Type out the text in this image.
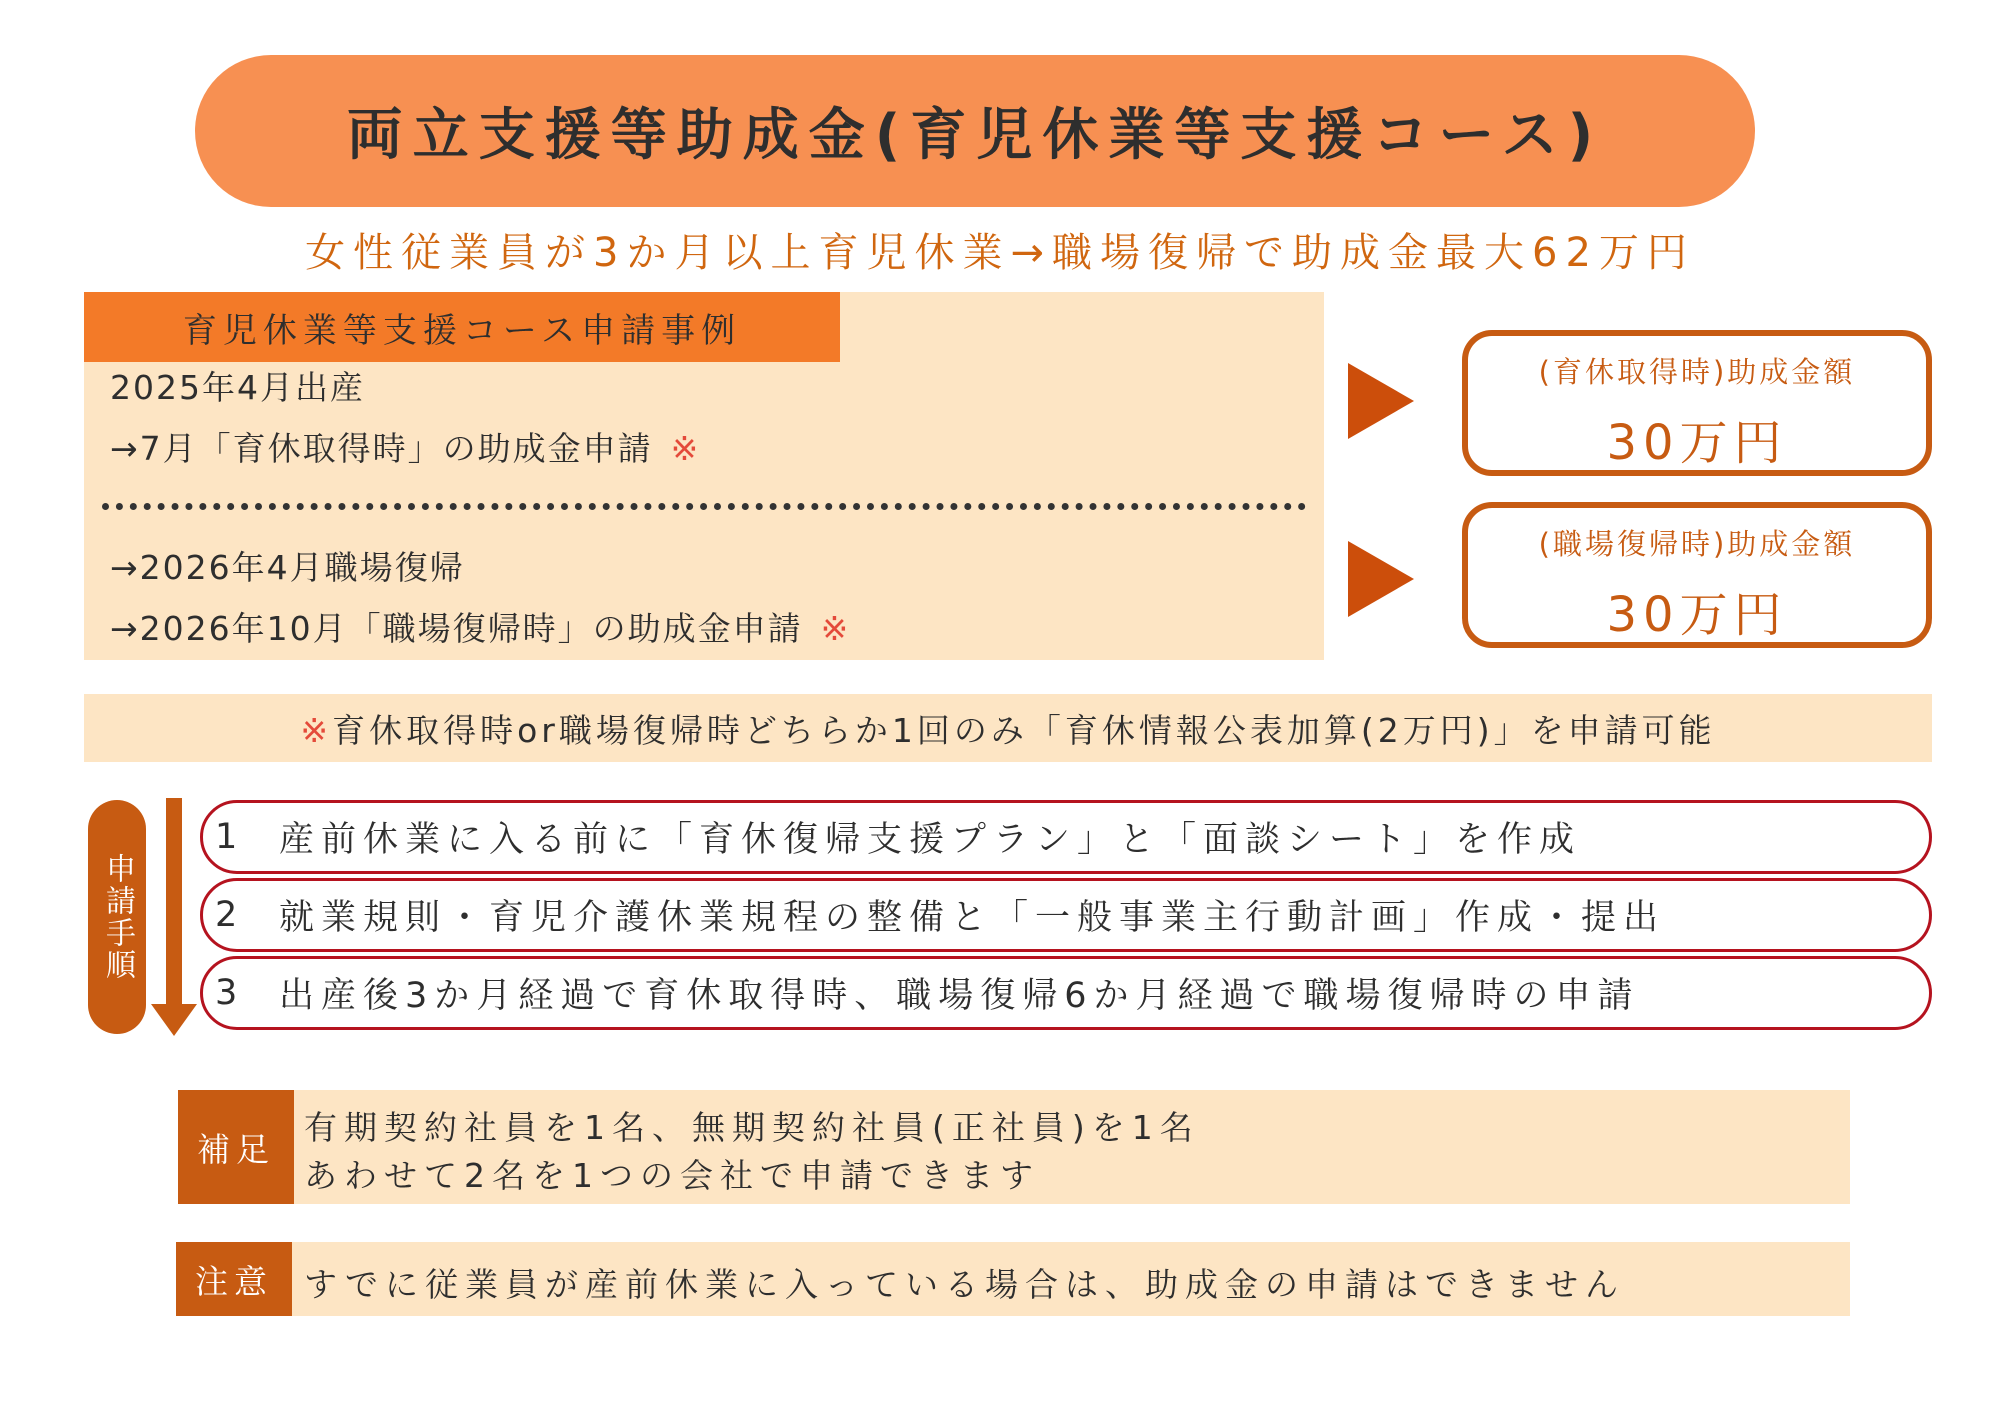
両立支援等助成金(育児休業等支援コース)
女性従業員が3か月以上育児休業→職場復帰で助成金最大62万円
育児休業等支援コース申請事例
2025年4月出産
→7月「育休取得時」の助成金申請 ※
→2026年4月職場復帰
→2026年10月「職場復帰時」の助成金申請 ※
(育休取得時)助成金額
30万円
(職場復帰時)助成金額
30万円
※ 育休取得時or職場復帰時どちらか1回のみ「育休情報公表加算(2万円)」を申請可能
申請手順
1	産前休業に入る前に「育休復帰支援プラン」と「面談シート」を作成
2	就業規則・育児介護休業規程の整備と「一般事業主行動計画」作成・提出
3	出産後3か月経過で育休取得時、職場復帰6か月経過で職場復帰時の申請
補足
有期契約社員を1名、無期契約社員(正社員)を1名
あわせて2名を1つの会社で申請できます
注意 すでに従業員が産前休業に入っている場合は、助成金の申請はできません
